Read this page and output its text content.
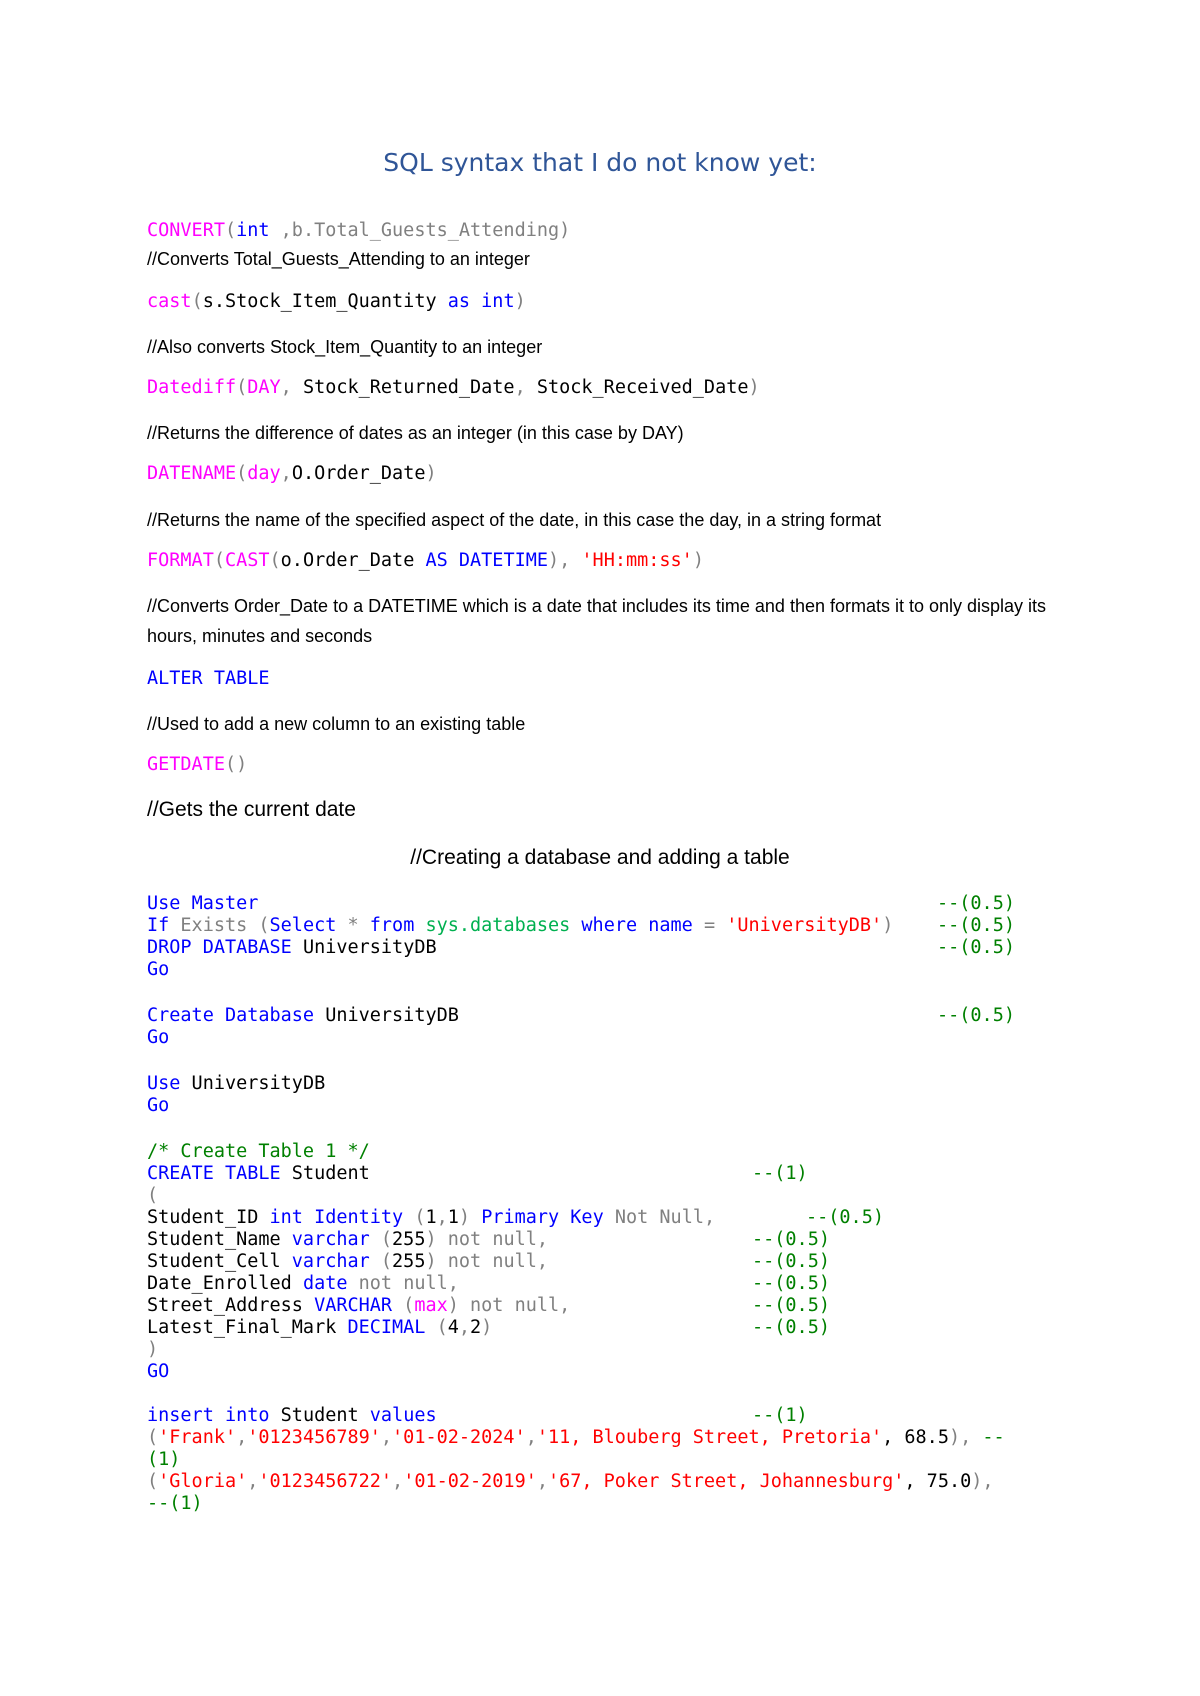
SQL syntax that I do not know yet:
CONVERT(int ,b.Total_Guests_Attending)
//Converts Total_Guests_Attending to an integer
cast(s.Stock_Item_Quantity as int)
//Also converts Stock_Item_Quantity to an integer
Datediff(DAY, Stock_Returned_Date, Stock_Received_Date)
//Returns the difference of dates as an integer (in this case by DAY)
DATENAME(day,O.Order_Date)
//Returns the name of the specified aspect of the date, in this case the day, in a string format
FORMAT(CAST(o.Order_Date AS DATETIME), 'HH:mm:ss')
//Converts Order_Date to a DATETIME which is a date that includes its time and then formats it to only display its hours, minutes and seconds
ALTER TABLE
//Used to add a new column to an existing table
GETDATE()
//Gets the current date
//Creating a database and adding a table
Use Master	--(0.5)
If Exists (Select * from sys.databases where name = 'UniversityDB') --(0.5)
DROP DATABASE UniversityDB	--(0.5)
Go
Create Database UniversityDB	--(0.5)
Go
Use UniversityDB
Go
/* Create Table 1 */
CREATE TABLE Student	--(1)
(
Student_ID int Identity (1,1) Primary Key Not Null,	--(0.5)
Student_Name varchar (255) not null,	--(0.5)
Student_Cell varchar (255) not null,	--(0.5)
Date_Enrolled date not null,	--(0.5)
Street_Address VARCHAR (max) not null,	--(0.5)
Latest_Final_Mark DECIMAL (4,2)	--(0.5)
)
GO
insert into Student values	--(1)
('Frank','0123456789','01-02-2024','11, Blouberg Street, Pretoria', 68.5), --
(1)
('Gloria','0123456722','01-02-2019','67, Poker Street, Johannesburg', 75.0),
--(1)
